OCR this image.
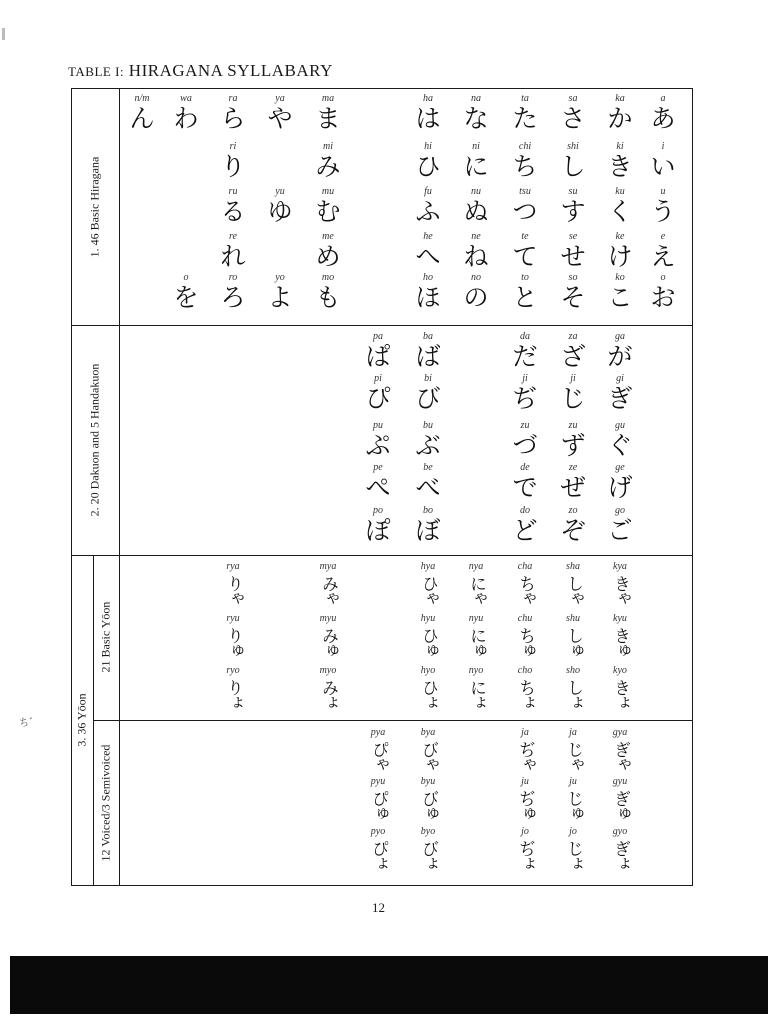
TABLE I: HIRAGANA SYLLABARY
1. 46 Basic Hiragana
2. 20 Dakuon and 5 Handakuon
3. 36 Yōon
21 Basic Yōon
12 Voiced/3 Semivoiced
n/m
ん
wa
わ
ra
ら
ya
や
ma
ま
ha
は
na
な
ta
た
sa
さ
ka
か
a
あ
ri
り
mi
み
hi
ひ
ni
に
chi
ち
shi
し
ki
き
i
い
ru
る
yu
ゆ
mu
む
fu
ふ
nu
ぬ
tsu
つ
su
す
ku
く
u
う
re
れ
me
め
he
へ
ne
ね
te
て
se
せ
ke
け
e
え
o
を
ro
ろ
yo
よ
mo
も
ho
ほ
no
の
to
と
so
そ
ko
こ
o
お
pa
ぱ
ba
ば
da
だ
za
ざ
ga
が
pi
ぴ
bi
び
ji
ぢ
ji
じ
gi
ぎ
pu
ぷ
bu
ぶ
zu
づ
zu
ず
gu
ぐ
pe
ぺ
be
べ
de
で
ze
ぜ
ge
げ
po
ぽ
bo
ぼ
do
ど
zo
ぞ
go
ご
rya
りゃ
mya
みゃ
hya
ひゃ
nya
にゃ
cha
ちゃ
sha
しゃ
kya
きゃ
ryu
りゅ
myu
みゅ
hyu
ひゅ
nyu
にゅ
chu
ちゅ
shu
しゅ
kyu
きゅ
ryo
りょ
myo
みょ
hyo
ひょ
nyo
にょ
cho
ちょ
sho
しょ
kyo
きょ
pya
ぴゃ
bya
びゃ
ja
ぢゃ
ja
じゃ
gya
ぎゃ
pyu
ぴゅ
byu
びゅ
ju
ぢゅ
ju
じゅ
gyu
ぎゅ
pyo
ぴょ
byo
びょ
jo
ぢょ
jo
じょ
gyo
ぎょ
12
ち゛
